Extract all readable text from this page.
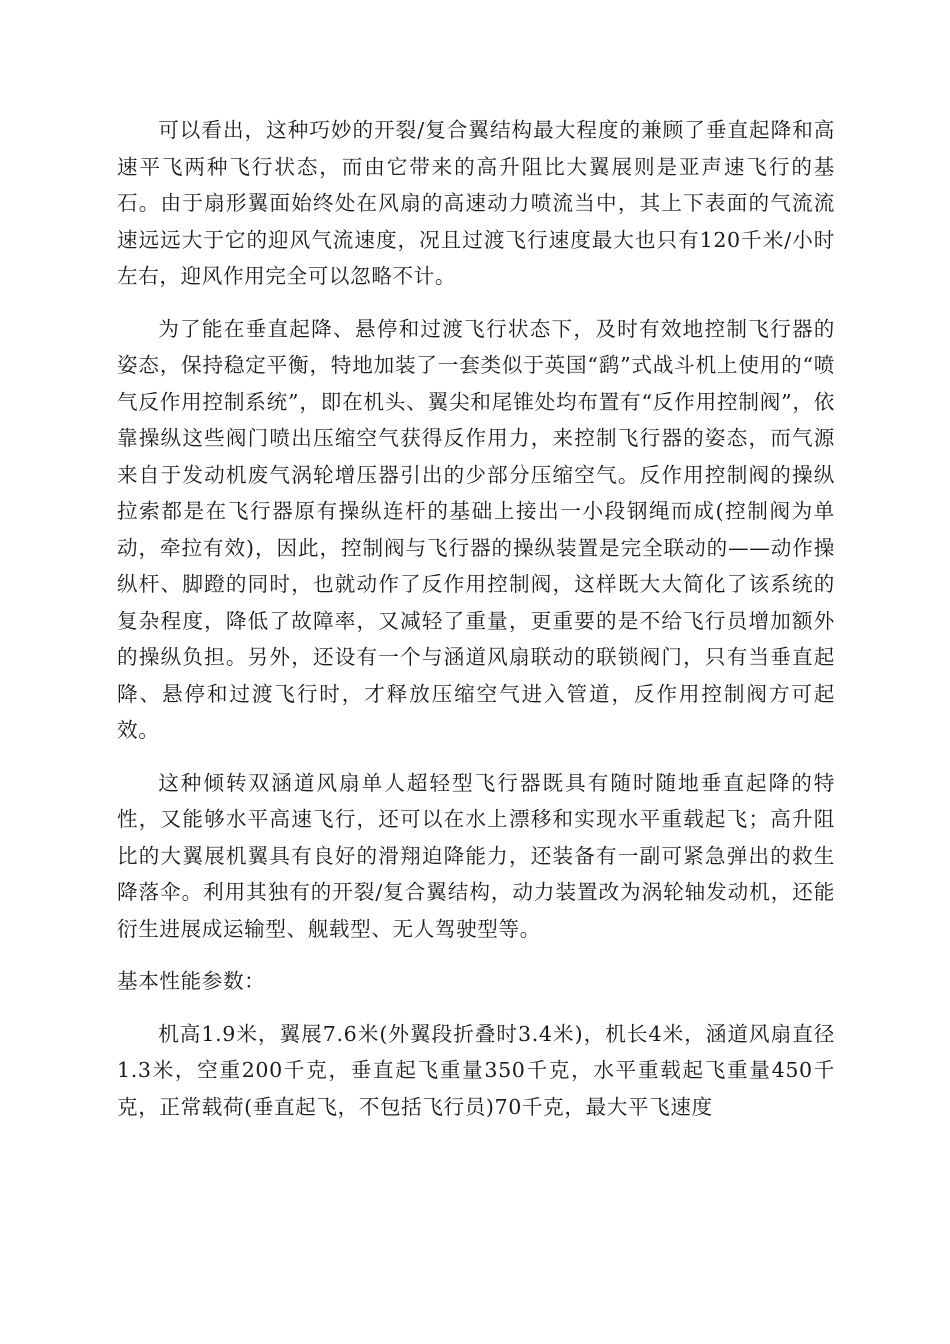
可以看出，这种巧妙的开裂/复合翼结构最大程度的兼顾了垂直起降和高速平飞两种飞行状态，而由它带来的高升阻比大翼展则是亚声速飞行的基石。由于扇形翼面始终处在风扇的高速动力喷流当中，其上下表面的气流流速远远大于它的迎风气流速度，况且过渡飞行速度最大也只有120千米/小时左右，迎风作用完全可以忽略不计。

为了能在垂直起降、悬停和过渡飞行状态下，及时有效地控制飞行器的姿态，保持稳定平衡，特地加装了一套类似于英国“鹞”式战斗机上使用的“喷气反作用控制系统”，即在机头、翼尖和尾锥处均布置有“反作用控制阀”，依靠操纵这些阀门喷出压缩空气获得反作用力，来控制飞行器的姿态，而气源来自于发动机废气涡轮增压器引出的少部分压缩空气。反作用控制阀的操纵拉索都是在飞行器原有操纵连杆的基础上接出一小段钢绳而成(控制阀为单动，牵拉有效)，因此，控制阀与飞行器的操纵装置是完全联动的——动作操纵杆、脚蹬的同时，也就动作了反作用控制阀，这样既大大简化了该系统的复杂程度，降低了故障率，又减轻了重量，更重要的是不给飞行员增加额外的操纵负担。另外，还设有一个与涵道风扇联动的联锁阀门，只有当垂直起降、悬停和过渡飞行时，才释放压缩空气进入管道，反作用控制阀方可起效。

这种倾转双涵道风扇单人超轻型飞行器既具有随时随地垂直起降的特性，又能够水平高速飞行，还可以在水上漂移和实现水平重载起飞；高升阻比的大翼展机翼具有良好的滑翔迫降能力，还装备有一副可紧急弹出的救生降落伞。利用其独有的开裂/复合翼结构，动力装置改为涡轮轴发动机，还能衍生进展成运输型、舰载型、无人驾驶型等。

基本性能参数：

机高1.9米，翼展7.6米(外翼段折叠时3.4米)，机长4米，涵道风扇直径1.3米，空重200千克，垂直起飞重量350千克，水平重载起飞重量450千克，正常载荷(垂直起飞，不包括飞行员)70千克，最大平飞速度
